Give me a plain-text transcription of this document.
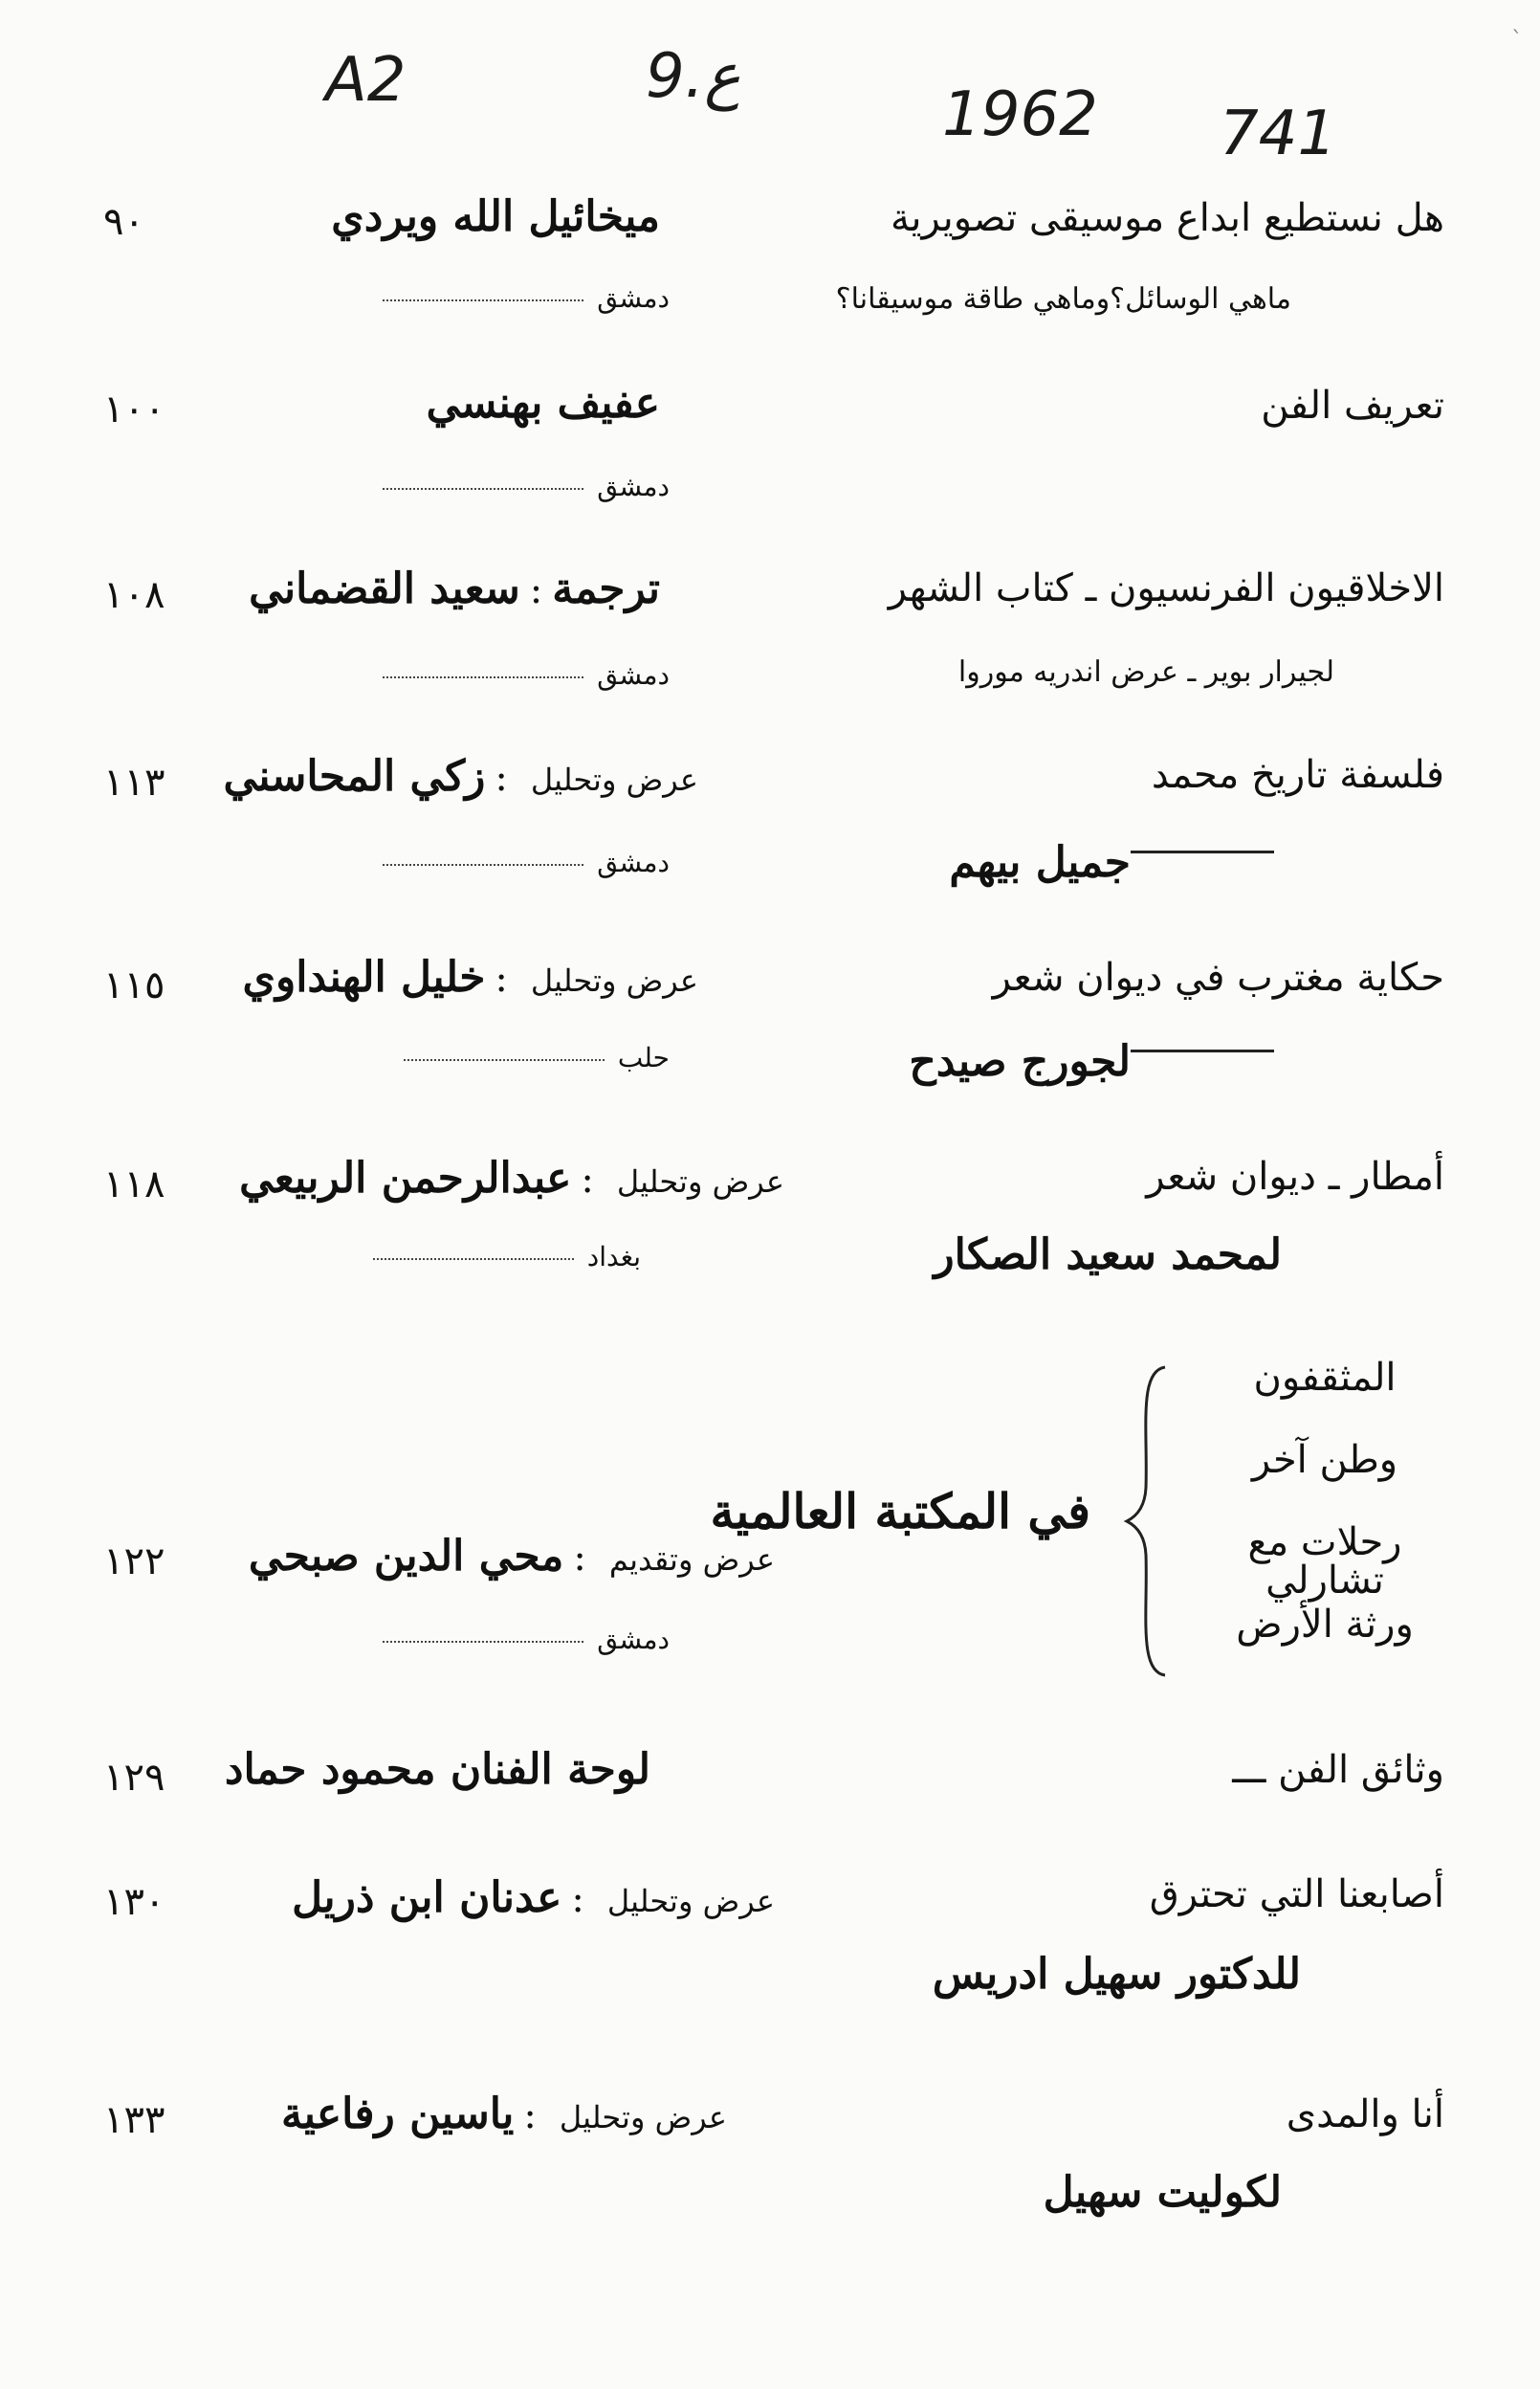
`
A2	9.ع
1962 741
هل نستطيع ابداع موسيقى تصويرية
ماهي الوسائل؟وماهي طاقة موسيقانا؟
ميخائيل الله ويردي
٩٠
دمشق
تعريف الفن
عفيف بهنسي
١٠٠
دمشق
الاخلاقيون الفرنسيون ـ كتاب الشهر
لجيرار بوير ـ عرض اندريه موروا
ترجمة:سعيد القضماني
١٠٨
دمشق
فلسفة تاريخ محمد
جميل بيهم
عرض وتحليل:زكي المحاسني
١١٣
دمشق
حكاية مغترب في ديوان شعر
لجورج صيدح
عرض وتحليل:خليل الهنداوي
١١٥
حلب
أمطار ـ ديوان شعر
لمحمد سعيد الصكار
عرض وتحليل:عبدالرحمن الربيعي
١١٨
بغداد
المثقفون
وطن آخر
رحلات مع تشارلي
ورثة الأرض
في المكتبة العالمية
عرض وتقديم:محي الدين صبحي
١٢٢
دمشق
وثائق الفن ـــ
لوحة الفنان محمود حماد
١٢٩
أصابعنا التي تحترق
للدكتور سهيل ادريس
عرض وتحليل:عدنان ابن ذريل
١٣٠
أنا والمدى
لكوليت سهيل
عرض وتحليل:ياسين رفاعية
١٣٣
